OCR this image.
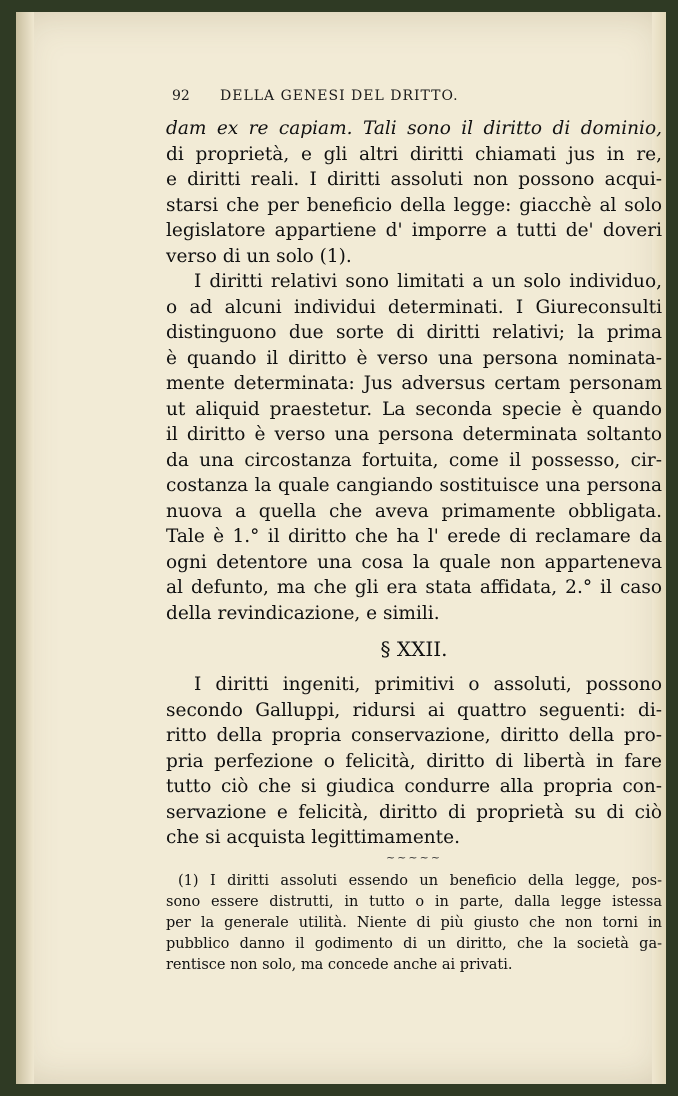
92 DELLA GENESI DEL DRITTO.
dam ex re capiam. Tali sono il diritto di dominio,
di proprietà, e gli altri diritti chiamati jus in re,
e diritti reali. I diritti assoluti non possono acqui-
starsi che per beneficio della legge: giacchè al solo
legislatore appartiene d' imporre a tutti de' doveri
verso di un solo (1).
I diritti relativi sono limitati a un solo individuo,
o ad alcuni individui determinati. I Giureconsulti
distinguono due sorte di diritti relativi; la prima
è quando il diritto è verso una persona nominata-
mente determinata: Jus adversus certam personam
ut aliquid praestetur. La seconda specie è quando
il diritto è verso una persona determinata soltanto
da una circostanza fortuita, come il possesso, cir-
costanza la quale cangiando sostituisce una persona
nuova a quella che aveva primamente obbligata.
Tale è 1.° il diritto che ha l' erede di reclamare da
ogni detentore una cosa la quale non apparteneva
al defunto, ma che gli era stata affidata, 2.° il caso
della revindicazione, e simili.
§ XXII.
I diritti ingeniti, primitivi o assoluti, possono
secondo Galluppi, ridursi ai quattro seguenti: di-
ritto della propria conservazione, diritto della pro-
pria perfezione o felicità, diritto di libertà in fare
tutto ciò che si giudica condurre alla propria con-
servazione e felicità, diritto di proprietà su di ciò
che si acquista legittimamente.
~~~~~
(1) I diritti assoluti essendo un beneficio della legge, pos-
sono essere distrutti, in tutto o in parte, dalla legge istessa
per la generale utilità. Niente di più giusto che non torni in
pubblico danno il godimento di un diritto, che la società ga-
rentisce non solo, ma concede anche ai privati.
